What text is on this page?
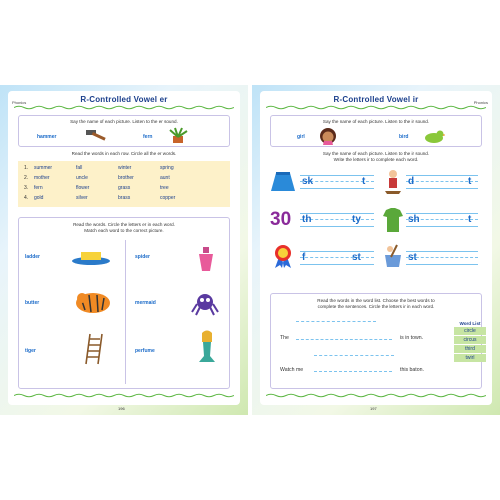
Phonics	R-Controlled Vowel er
Say the name of each picture. Listen to the er sound.
hammer	fern
Read the words in each row. Circle all the er words.
1.	summer	fall	winter	spring
2.	mother	uncle	brother	aunt
3.	fern	flower	grass	tree
4.	gold	silver	brass	copper
Read the words. Circle the letters er in each word.
Match each word to the correct picture.
ladder
butter
tiger
spider
mermaid
perfume
196
Phonics
R-Controlled Vowel ir
Say the name of each picture. Listen to the ir sound.
girl	bird
Say the name of each picture. Listen to the ir sound.
Write the letters ir to complete each word.
sk	t	d	t
30 th	ty	sh	t
f	st	st
Read the words in the word list. Choose the best words to
complete the sentences. Circle the letters ir in each word.
The	is in town.
Watch me	this baton.
Word List
circle
circus
third
twirl
197
